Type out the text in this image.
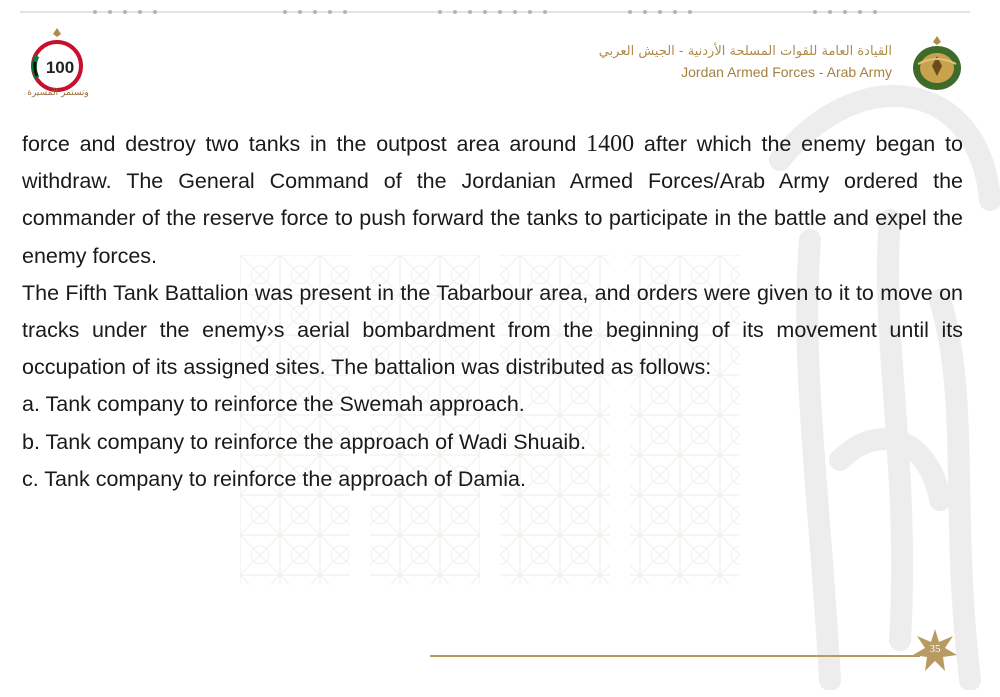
100
وتستمر المسيرة
القيادة العامة للقوات المسلحة الأردنية - الجيش العربي
Jordan Armed Forces - Arab Army

force and destroy two tanks in the outpost area around 1400 after which the enemy began to withdraw. The General Command of the Jordanian Armed Forces/Arab Army ordered the commander of the reserve force to push forward the tanks to participate in the battle and expel the enemy forces.

The Fifth Tank Battalion was present in the Tabarbour area, and orders were given to it to move on tracks under the enemy›s aerial bombardment from the beginning of its movement until its occupation of its assigned sites. The battalion was distributed as follows:

a. Tank company to reinforce the Swemah approach.

b. Tank company to reinforce the approach of Wadi Shuaib.

c. Tank company to reinforce the approach of Damia.

35
